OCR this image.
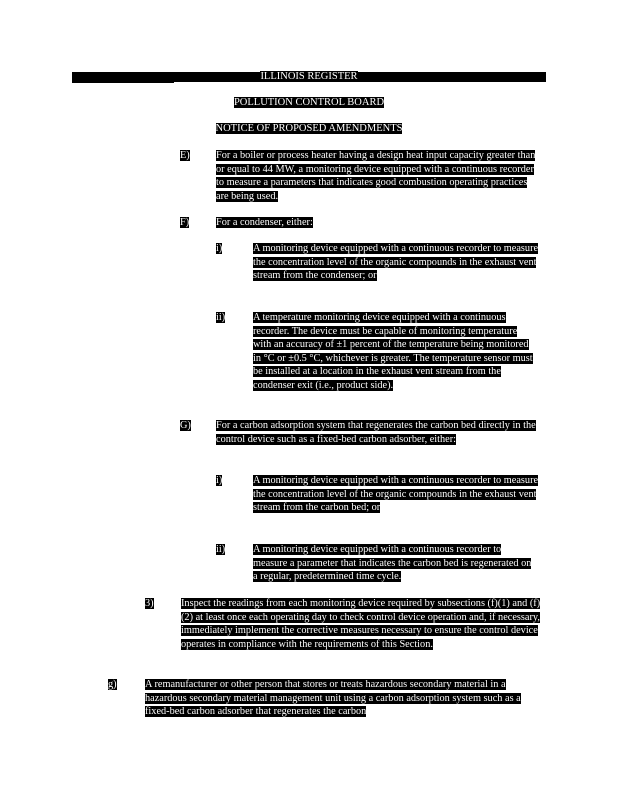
ILLINOIS REGISTER
POLLUTION CONTROL BOARD
NOTICE OF PROPOSED AMENDMENTS
E)	For a boiler or process heater having a design heat input capacity greater than or equal to 44 MW, a monitoring device equipped with a continuous recorder to measure a parameters that indicates good combustion operating practices are being used.
F)	For a condenser, either:
i)	A monitoring device equipped with a continuous recorder to measure the concentration level of the organic compounds in the exhaust vent stream from the condenser; or
ii)	A temperature monitoring device equipped with a continuous recorder. The device must be capable of monitoring temperature with an accuracy of ±1 percent of the temperature being monitored in °C or ±0.5 °C, whichever is greater. The temperature sensor must be installed at a location in the exhaust vent stream from the condenser exit (i.e., product side).
G) For a carbon adsorption system that regenerates the carbon bed directly in the control device such as a fixed-bed carbon adsorber, either:
i)	A monitoring device equipped with a continuous recorder to measure the concentration level of the organic compounds in the exhaust vent stream from the carbon bed; or
ii)	A monitoring device equipped with a continuous recorder to measure a parameter that indicates the carbon bed is regenerated on a regular, predetermined time cycle.
3)	Inspect the readings from each monitoring device required by subsections (f)(1) and (f)(2) at least once each operating day to check control device operation and, if necessary, immediately implement the corrective measures necessary to ensure the control device operates in compliance with the requirements of this Section.
g)	A remanufacturer or other person that stores or treats hazardous secondary material in a hazardous secondary material management unit using a carbon adsorption system such as a fixed-bed carbon adsorber that regenerates the carbon
